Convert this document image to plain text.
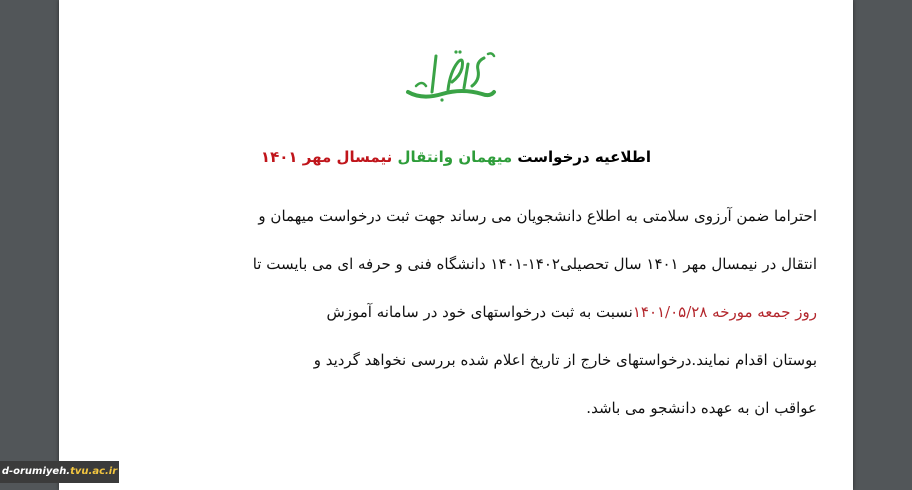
اطلاعیه درخواست میهمان وانتقال نیمسال مهر ۱۴۰۱
احتراما ضمن آرزوی سلامتی به اطلاع دانشجویان می رساند جهت ثبت درخواست میهمان و
انتقال در نیمسال مهر ۱۴۰۱ سال تحصیلی۱۴۰۲-۱۴۰۱ دانشگاه فنی و حرفه ای می بایست تا
روز جمعه مورخه ۱۴۰۱/۰۵/۲۸نسبت به ثبت درخواستهای خود در سامانه آموزش
بوستان اقدام نمایند.درخواستهای خارج از تاریخ اعلام شده بررسی نخواهد گردید و
عواقب ان به عهده دانشجو می باشد.
d-orumiyeh.tvu.ac.ir
